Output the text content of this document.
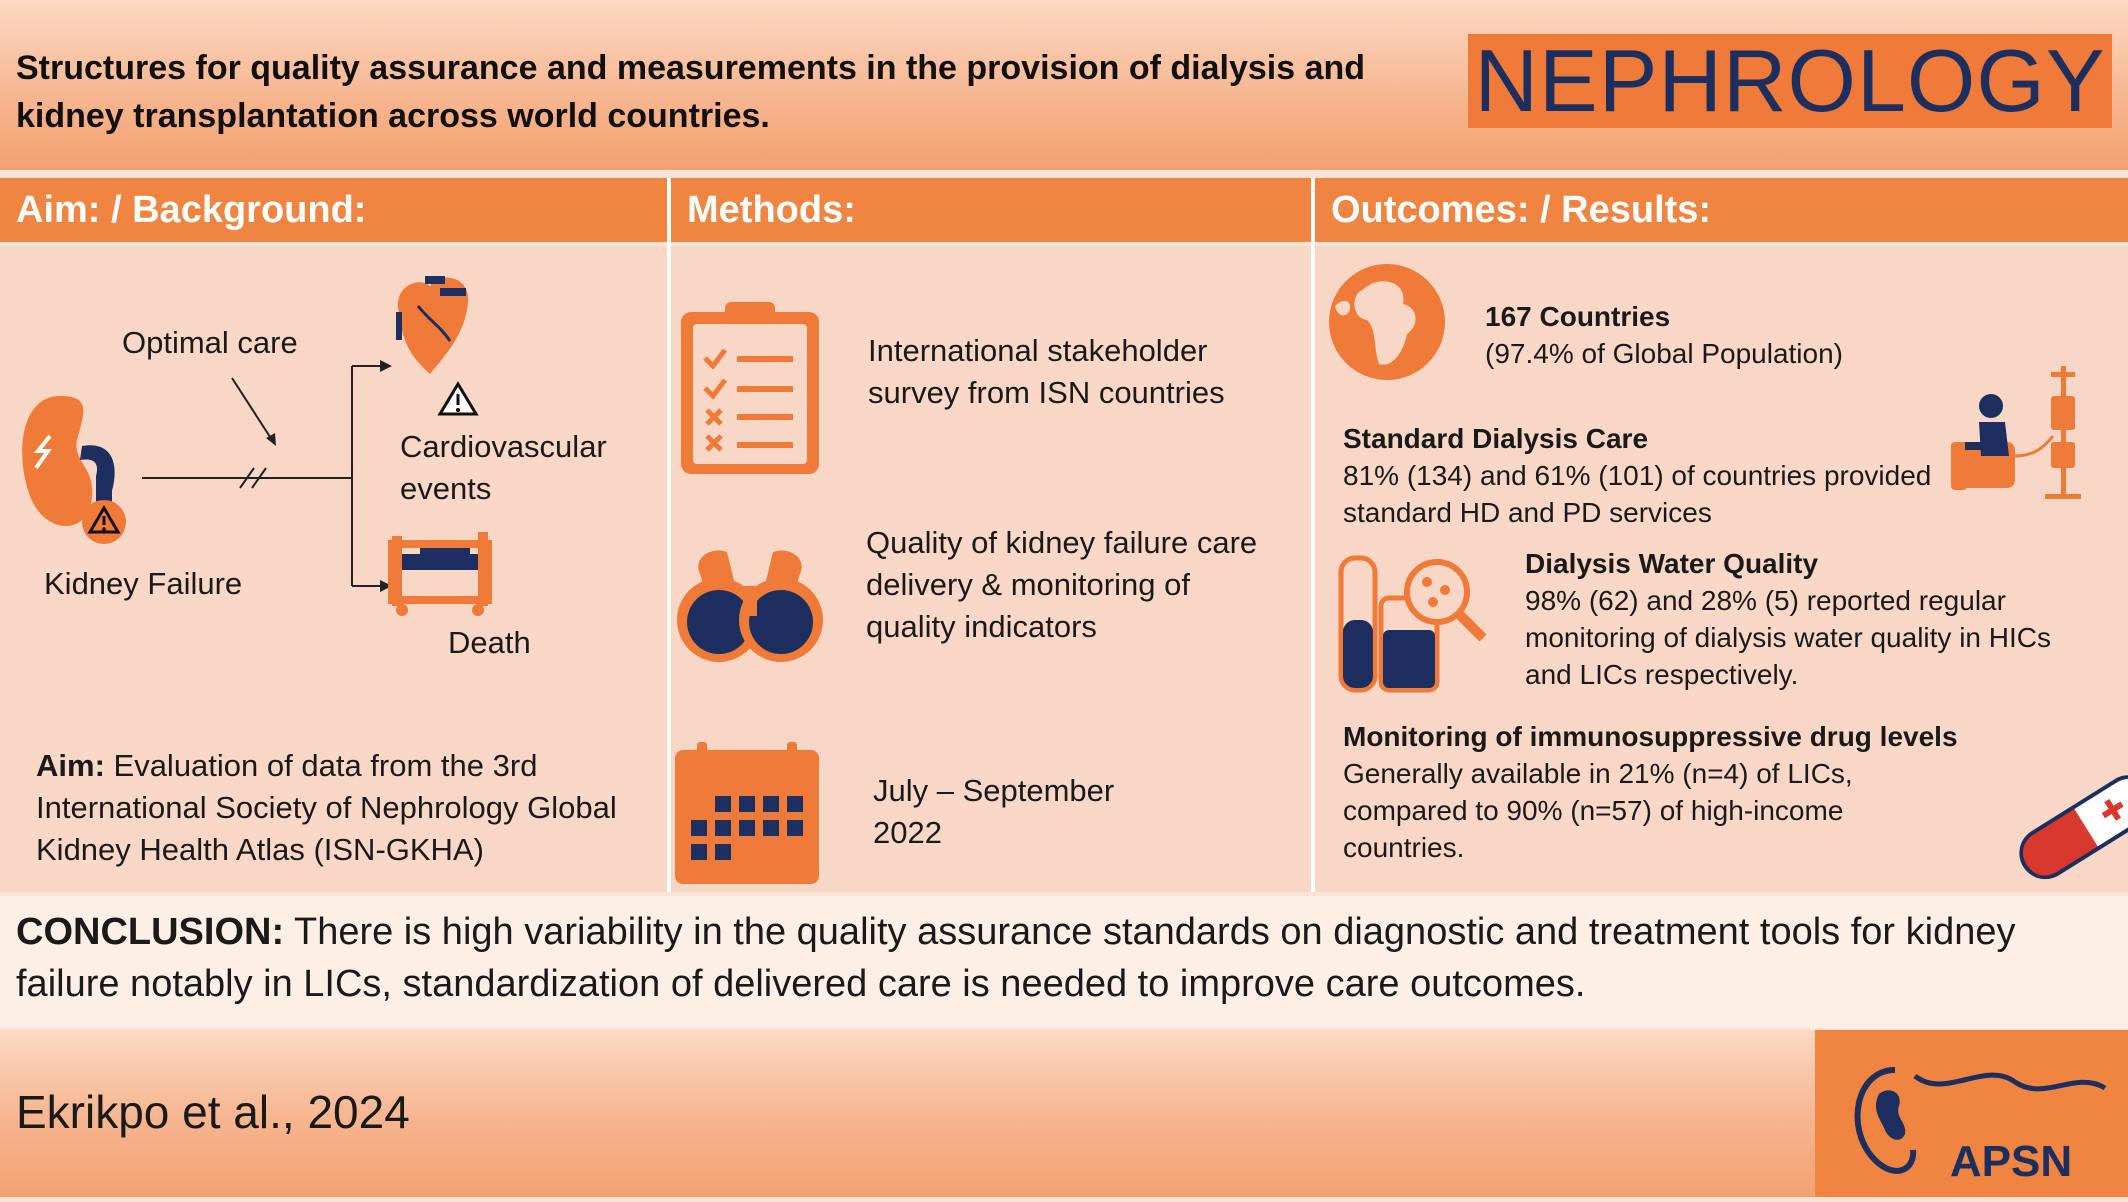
Structures for quality assurance and measurements in the provision of dialysis and kidney transplantation across world countries.	NEPHROLOGY
Aim: / Background:	Methods:	Outcomes: / Results:
Optimal care
Cardiovascular events
Kidney Failure
Death
Aim: Evaluation of data from the 3rd International Society of Nephrology Global Kidney Health Atlas (ISN-GKHA)
International stakeholder survey from ISN countries
Quality of kidney failure care delivery & monitoring of quality indicators
July – September 2022
167 Countries
(97.4% of Global Population)
Standard Dialysis Care
81% (134) and 61% (101) of countries provided standard HD and PD services
Dialysis Water Quality
98% (62) and 28% (5) reported regular monitoring of dialysis water quality in HICs and LICs respectively.
Monitoring of immunosuppressive drug levels
Generally available in 21% (n=4) of LICs, compared to 90% (n=57) of high-income countries.

CONCLUSION: There is high variability in the quality assurance standards on diagnostic and treatment tools for kidney failure notably in LICs, standardization of delivered care is needed to improve care outcomes.

Ekrikpo et al., 2024
APSN
